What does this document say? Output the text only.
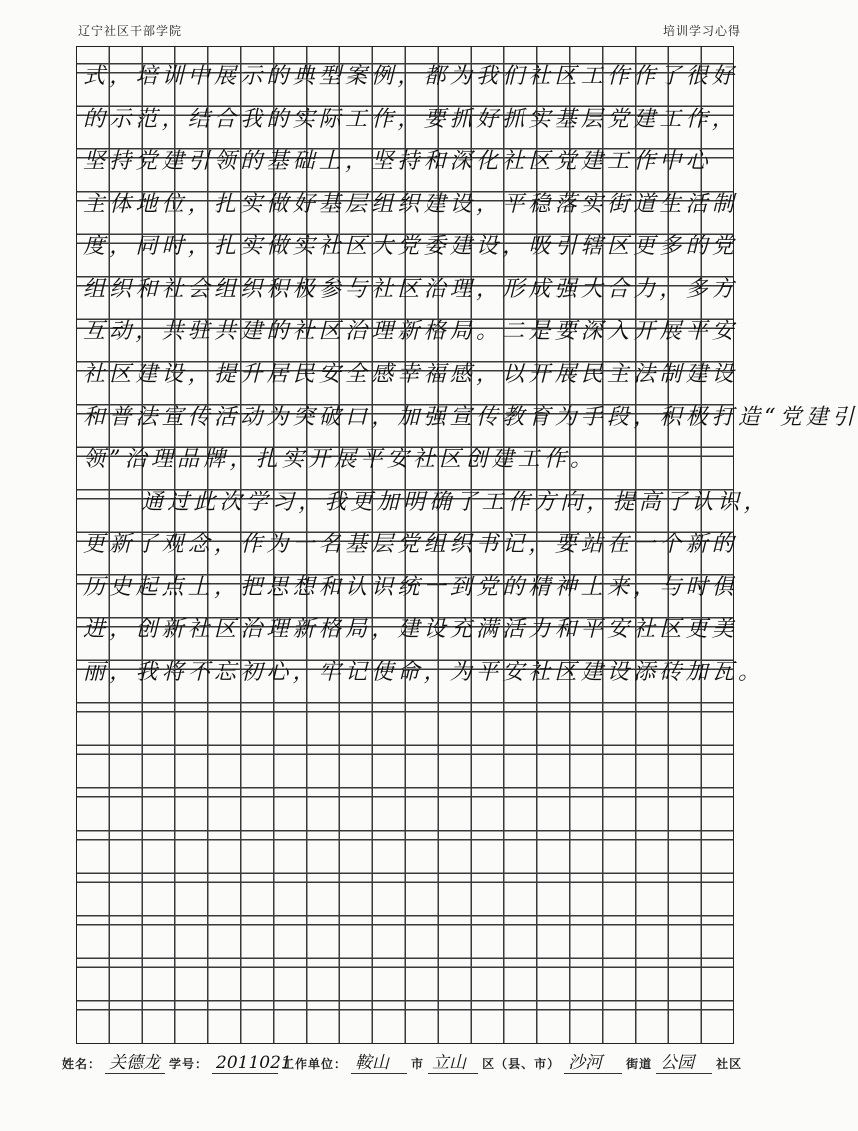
辽宁社区干部学院	培训学习心得
式，培训中展示的典型案例，都为我们社区工作作了很好
的示范，结合我的实际工作，要抓好抓实基层党建工作，
坚持党建引领的基础上，坚持和深化社区党建工作中心
主体地位，扎实做好基层组织建设，平稳落实街道生活制
度，同时，扎实做实社区大党委建设，吸引辖区更多的党
组织和社会组织积极参与社区治理，形成强大合力，多方
互动，共驻共建的社区治理新格局。二是要深入开展平安
社区建设，提升居民安全感幸福感，以开展民主法制建设
和普法宣传活动为突破口，加强宣传教育为手段，积极打造“党建引
领”治理品牌，扎实开展平安社区创建工作。
通过此次学习，我更加明确了工作方向，提高了认识，
更新了观念，作为一名基层党组织书记，要站在一个新的
历史起点上，把思想和认识统一到党的精神上来，与时俱
进，创新社区治理新格局，建设充满活力和平安社区更美
丽，我将不忘初心，牢记使命，为平安社区建设添砖加瓦。
姓名： 关德龙 学号： 2011021
工作单位： 鞍山	市 立山	区（县、市） 沙河	街道 公园	社区
